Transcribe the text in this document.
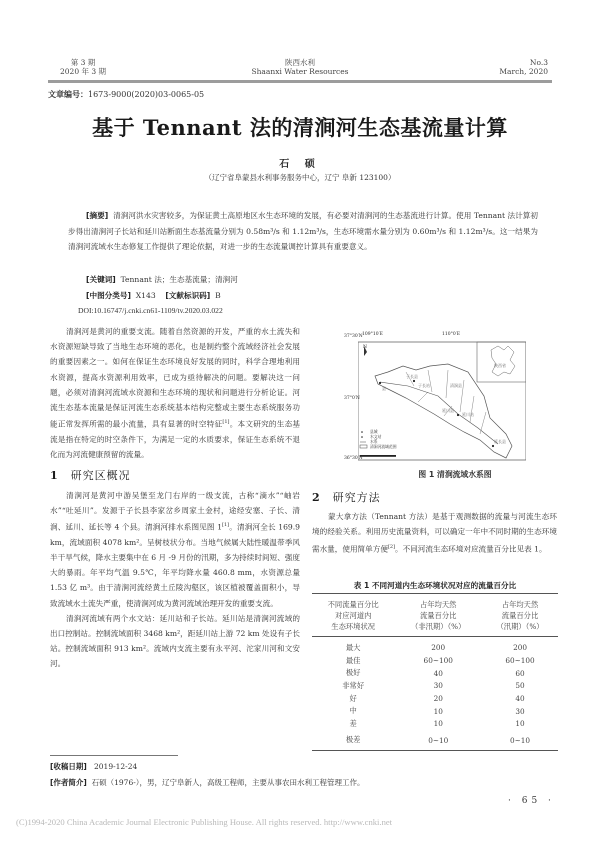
第 3 期
2020 年 3 期
陕西水利
Shaanxi Water Resources
No.3
March, 2020
文章编号：1673-9000(2020)03-0065-05
基于 Tennant 法的清涧河生态基流量计算
石 硕
（辽宁省阜蒙县水利事务服务中心，辽宁 阜新 123100）
[摘要] 清涧河洪水灾害较多，为保证黄土高原地区水生态环境的发展，有必要对清涧河的生态基流进行计算。使用 Tennant 法计算初步得出清涧河子长站和延川站断面生态基流量分别为 0.58m³/s 和 1.12m³/s，生态环境需水量分别为 0.60m³/s 和 1.12m³/s。这一结果为清涧河流域水生态修复工作提供了理论依据，对进一步的生态流量调控计算具有重要意义。
[关键词] Tennant 法；生态基流量；清涧河
[中图分类号] X143 [文献标识码] B
DOI:10.16747/j.cnki.cn61-1109/tv.2020.03.022

清涧河是黄河的重要支流。随着自然资源的开发，严重的水土流失和水资源短缺导致了当地生态环境的恶化，也是制约整个流域经济社会发展的重要因素之一。如何在保证生态环境良好发展的同时，科学合理地利用水资源，提高水资源利用效率，已成为亟待解决的问题。要解决这一问题，必须对清涧河流域水资源和生态环境的现状和问题进行分析论证。河流生态基本流量是保证河流生态系统基本结构完整或主要生态系统服务功能正常发挥所需的最小流量，具有显著的时空特征[1]。本文研究的生态基流是指在特定的时空条件下，为满足一定的水质要求，保证生态系统不退化而为河流健康预留的流量。

1 研究区概况

清涧河是黄河中游吴堡至龙门右岸的一级支流，古称“滴水”“岫岩水”“吐延川”。发源于子长县李家岔乡周家土金村，途经安塞、子长、清涧、延川、延长等 4 个县。清涧河排水系图见图 1[1]。清涧河全长 169.9 km，流域面积 4078 km²。呈树枝状分布。当地气候属大陆性暖温带季风半干旱气候，降水主要集中在 6 月 -9 月份的汛期，多为持续时间短、强度大的暴雨。年平均气温 9.5℃，年平均降水量 460.8 mm，水资源总量 1.53 亿 m³。由于清涧河流经黄土丘陵沟壑区，该区植被覆盖面积小，导致流域水土流失严重，使清涧河成为黄河流域治理开发的重要支流。

清涧河流域有两个水文站：延川站和子长站。延川站是清涧河流域的出口控制站。控制流域面积 3468 km²，距延川站上游 72 km 处设有子长站。控制流域面积 913 km²。流域内支流主要有永平河、沱家川河和文安河。

[收稿日期] 2019-12-24
[作者简介] 石硕（1976-），男，辽宁阜新人，高级工程师，主要从事农田水利工程管理工作。
37°30′N
37°0′N
36°30′N
109°10′E	110°0′E
N
陕西省
子长县
子长站	清涧县
延川县
延川站
延长县
县
县城
水文站
水系
清涧河流域范围
图 1 清涧流域水系图

2 研究方法

蒙大拿方法（Tennant 方法）是基于观测数据的流量与河流生态环境的经验关系。利用历史流量资料，可以确定一年中不同时期的生态环境需水量，使用简单方便[2]。不同河流生态环境对应流量百分比见表 1。

表 1 不同河道内生态环境状况对应的流量百分比
不同流量百分比
对应河道内
生态环境状况

占年均天然
流量百分比
（非汛期）（%）

占年均天然
流量百分比
（汛期）（%）

最大	200	200
最佳	60~100	60~100
极好	40	60
非常好	30	50
好	20	40
中	10	30
差	10	10
极差	0~10	0~10
· 65 ·
(C)1994-2020 China Academic Journal Electronic Publishing House. All rights reserved. http://www.cnki.net
